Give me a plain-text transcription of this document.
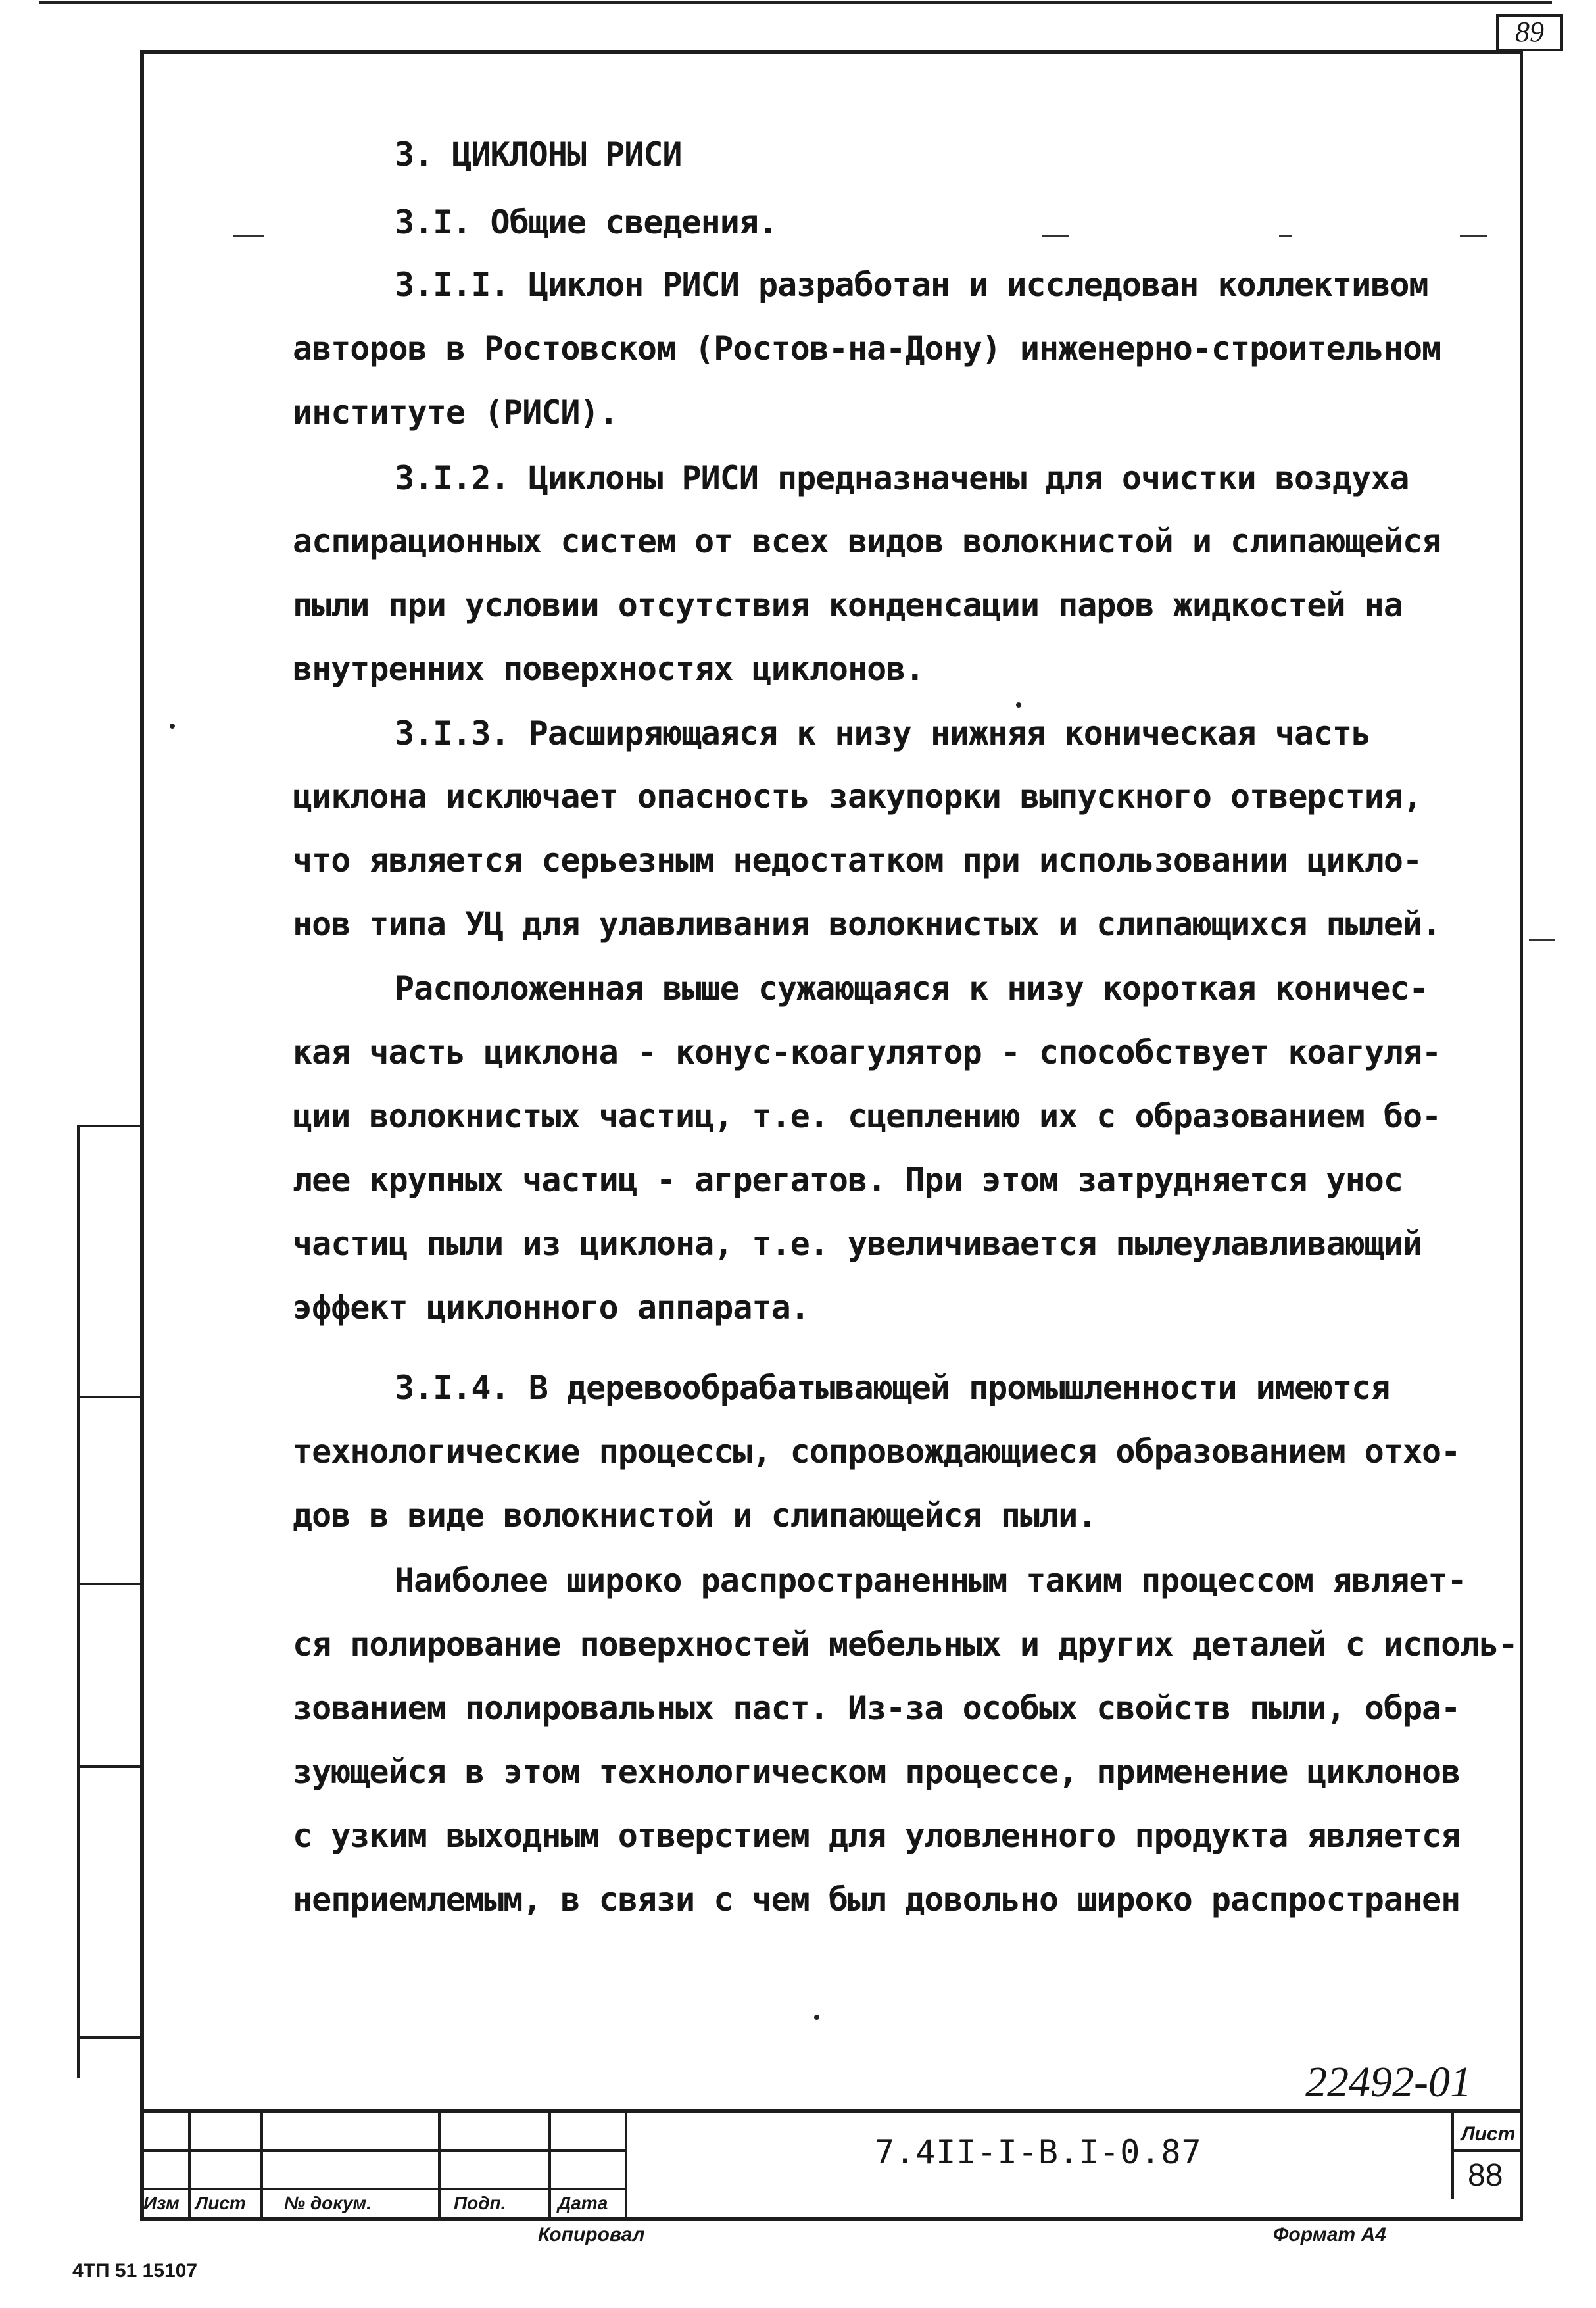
89
3. ЦИКЛОНЫ РИСИ
3.I. Общие сведения.
3.I.I. Циклон РИСИ разработан и исследован коллективом
авторов в Ростовском (Ростов-на-Дону) инженерно-строительном
институте (РИСИ).
3.I.2. Циклоны РИСИ предназначены для очистки воздуха
аспирационных систем от всех видов волокнистой и слипающейся
пыли при условии отсутствия конденсации паров жидкостей на
внутренних поверхностях циклонов.
3.I.3. Расширяющаяся к низу нижняя коническая часть
циклона исключает опасность закупорки выпускного отверстия,
что является серьезным недостатком при использовании цикло-
нов типа УЦ для улавливания волокнистых и слипающихся пылей.
Расположенная выше сужающаяся к низу короткая коничес-
кая часть циклона - конус-коагулятор - способствует коагуля-
ции волокнистых частиц, т.е. сцеплению их с образованием бо-
лее крупных частиц - агрегатов. При этом затрудняется унос
частиц пыли из циклона, т.е. увеличивается пылеулавливающий
эффект циклонного аппарата.
3.I.4. В деревообрабатывающей промышленности имеются
технологические процессы, сопровождающиеся образованием отхо-
дов в виде волокнистой и слипающейся пыли.
Наиболее широко распространенным таким процессом являет-
ся полирование поверхностей мебельных и других деталей с исполь-
зованием полировальных паст. Из-за особых свойств пыли, обра-
зующейся в этом технологическом процессе, применение циклонов
с узким выходным отверстием для уловленного продукта является
неприемлемым, в связи с чем был довольно широко распространен
22492-01
Изм Лист № докум.	Подп.	Дата
7.4II-I-B.I-0.87	Лист
88
Копировал	Формат А4
4ТП 51 15107
